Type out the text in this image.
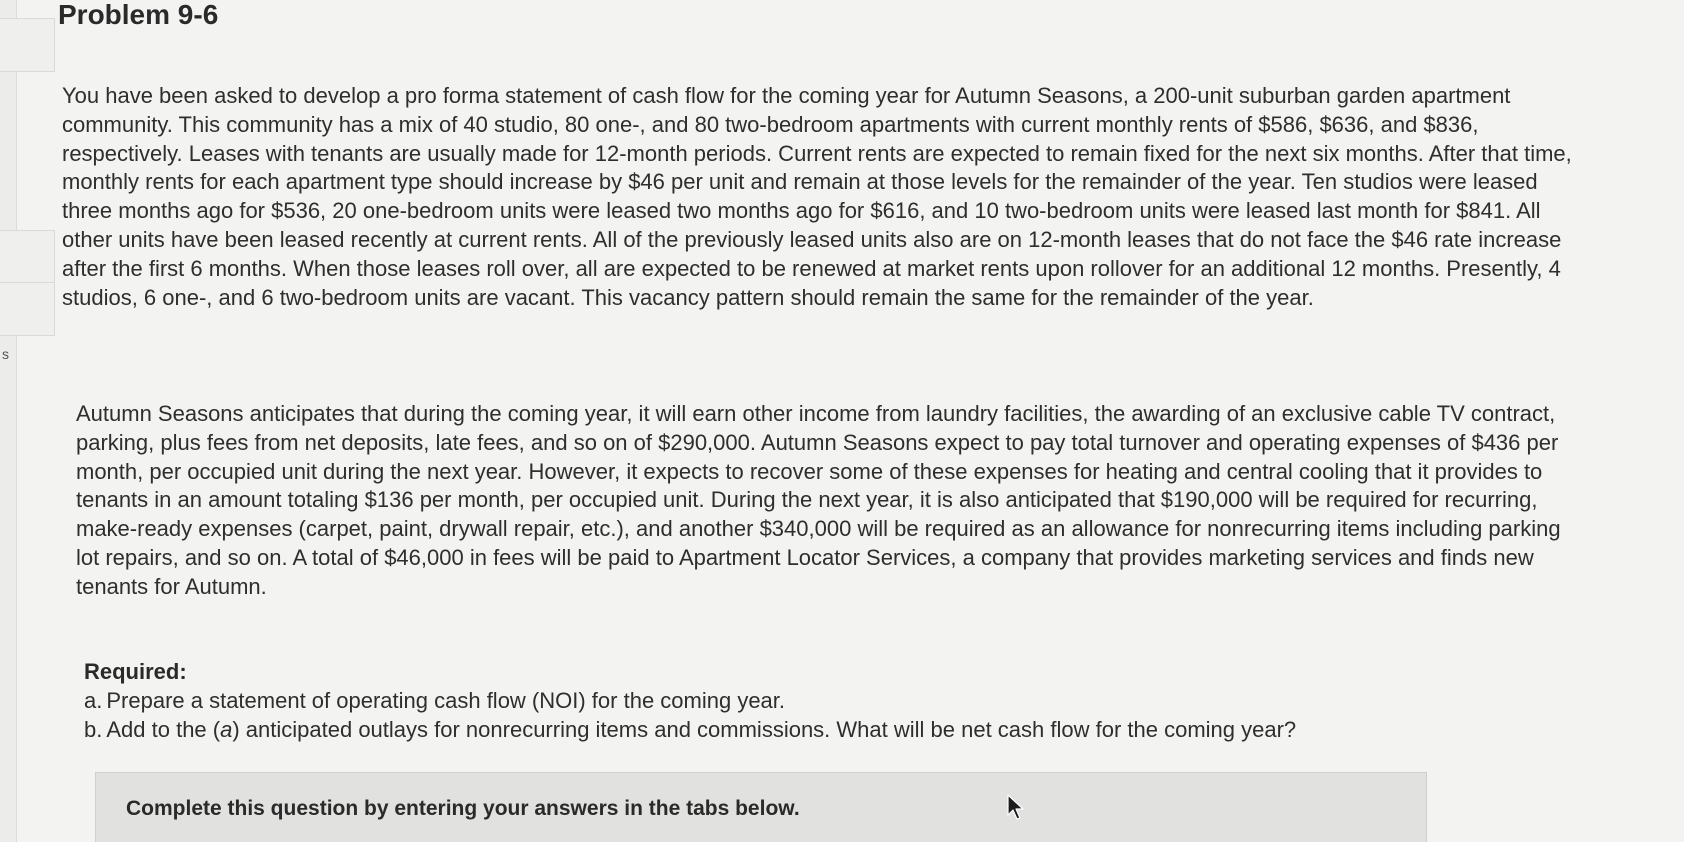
s
Problem 9-6

You have been asked to develop a pro forma statement of cash flow for the coming year for Autumn Seasons, a 200-unit suburban garden apartment community. This community has a mix of 40 studio, 80 one-, and 80 two-bedroom apartments with current monthly rents of $586, $636, and $836, respectively. Leases with tenants are usually made for 12-month periods. Current rents are expected to remain fixed for the next six months. After that time, monthly rents for each apartment type should increase by $46 per unit and remain at those levels for the remainder of the year. Ten studios were leased three months ago for $536, 20 one-bedroom units were leased two months ago for $616, and 10 two-bedroom units were leased last month for $841. All other units have been leased recently at current rents. All of the previously leased units also are on 12-month leases that do not face the $46 rate increase after the first 6 months. When those leases roll over, all are expected to be renewed at market rents upon rollover for an additional 12 months. Presently, 4 studios, 6 one-, and 6 two-bedroom units are vacant. This vacancy pattern should remain the same for the remainder of the year.

Autumn Seasons anticipates that during the coming year, it will earn other income from laundry facilities, the awarding of an exclusive cable TV contract, parking, plus fees from net deposits, late fees, and so on of $290,000. Autumn Seasons expect to pay total turnover and operating expenses of $436 per month, per occupied unit during the next year. However, it expects to recover some of these expenses for heating and central cooling that it provides to tenants in an amount totaling $136 per month, per occupied unit. During the next year, it is also anticipated that $190,000 will be required for recurring, make-ready expenses (carpet, paint, drywall repair, etc.), and another $340,000 will be required as an allowance for nonrecurring items including parking lot repairs, and so on. A total of $46,000 in fees will be paid to Apartment Locator Services, a company that provides marketing services and finds new tenants for Autumn.

Required:
a. Prepare a statement of operating cash flow (NOI) for the coming year.
b. Add to the (a) anticipated outlays for nonrecurring items and commissions. What will be net cash flow for the coming year?
Complete this question by entering your answers in the tabs below.
